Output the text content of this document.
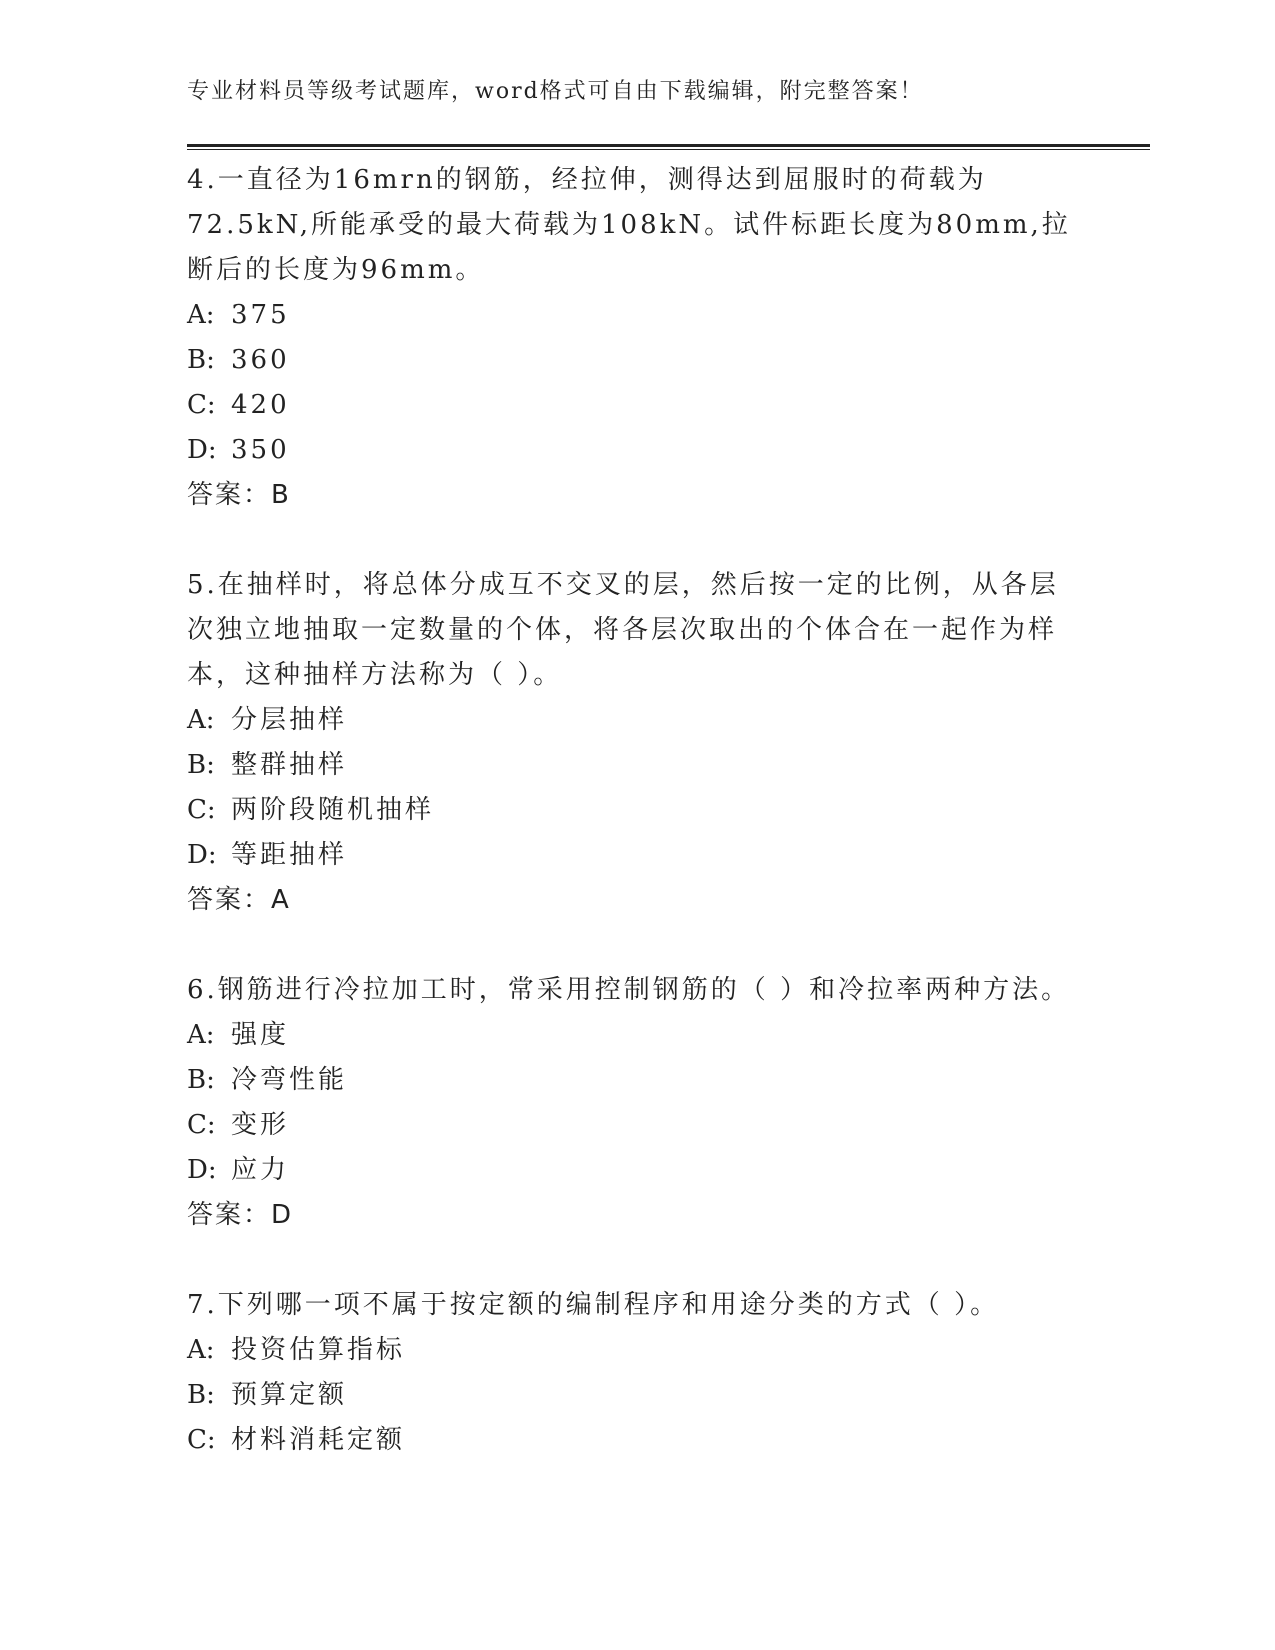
专业材料员等级考试题库，word格式可自由下载编辑，附完整答案！
4.一直径为16mrn的钢筋，经拉伸，测得达到屈服时的荷载为72.5kN,所能承受的最大荷载为108kN。试件标距长度为80mm,拉断后的长度为96mm。
A: 375
B: 360
C: 420
D: 350
答案：B
5.在抽样时，将总体分成互不交叉的层，然后按一定的比例，从各层次独立地抽取一定数量的个体，将各层次取出的个体合在一起作为样本，这种抽样方法称为（ ）。
A: 分层抽样
B: 整群抽样
C: 两阶段随机抽样
D: 等距抽样
答案：A
6.钢筋进行冷拉加工时，常采用控制钢筋的（ ）和冷拉率两种方法。
A: 强度
B: 冷弯性能
C: 变形
D: 应力
答案：D
7.下列哪一项不属于按定额的编制程序和用途分类的方式（ ）。
A: 投资估算指标
B: 预算定额
C: 材料消耗定额
